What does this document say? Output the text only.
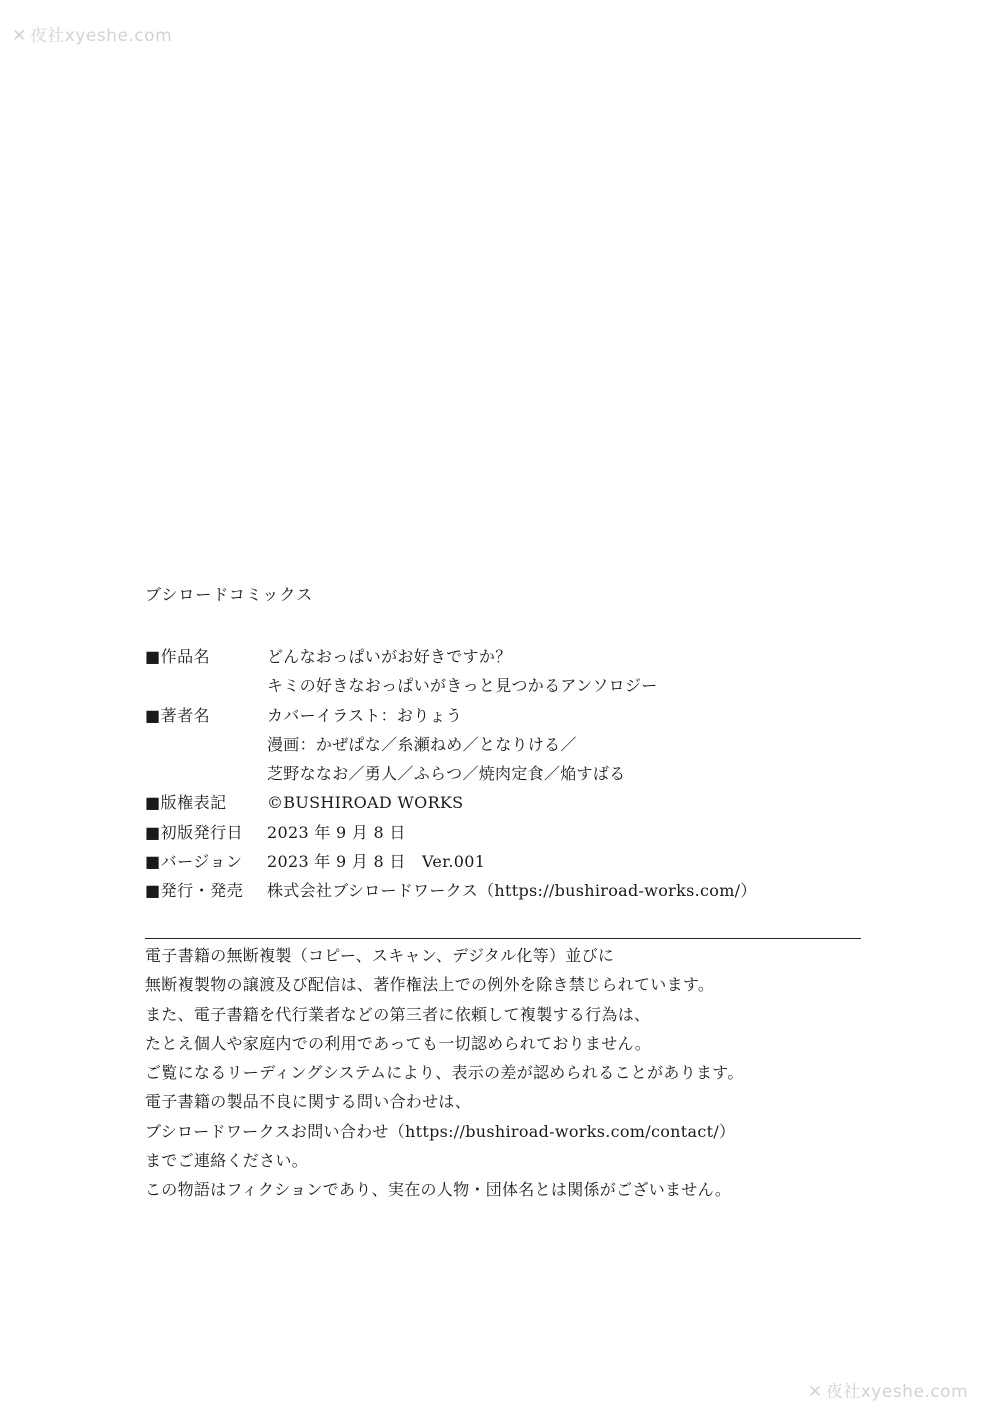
✕ 夜社xyeshe.com
ブシロードコミックス
■作品名	どんなおっぱいがお好きですか？
キミの好きなおっぱいがきっと見つかるアンソロジー
■著者名	カバーイラスト：おりょう
漫画：かぜぱな／糸瀬ねめ／となりける／
芝野ななお／勇人／ふらつ／焼肉定食／焔すばる
■版権表記	©BUSHIROAD WORKS
■初版発行日	2023 年 9 月 8 日
■バージョン	2023 年 9 月 8 日　Ver.001
■発行・発売	株式会社ブシロードワークス（https://bushiroad-works.com/）
電子書籍の無断複製（コピー、スキャン、デジタル化等）並びに
無断複製物の譲渡及び配信は、著作権法上での例外を除き禁じられています。
また、電子書籍を代行業者などの第三者に依頼して複製する行為は、
たとえ個人や家庭内での利用であっても一切認められておりません。
ご覧になるリーディングシステムにより、表示の差が認められることがあります。
電子書籍の製品不良に関する問い合わせは、
ブシロードワークスお問い合わせ（https://bushiroad-works.com/contact/）
までご連絡ください。
この物語はフィクションであり、実在の人物・団体名とは関係がございません。
✕ 夜社xyeshe.com
